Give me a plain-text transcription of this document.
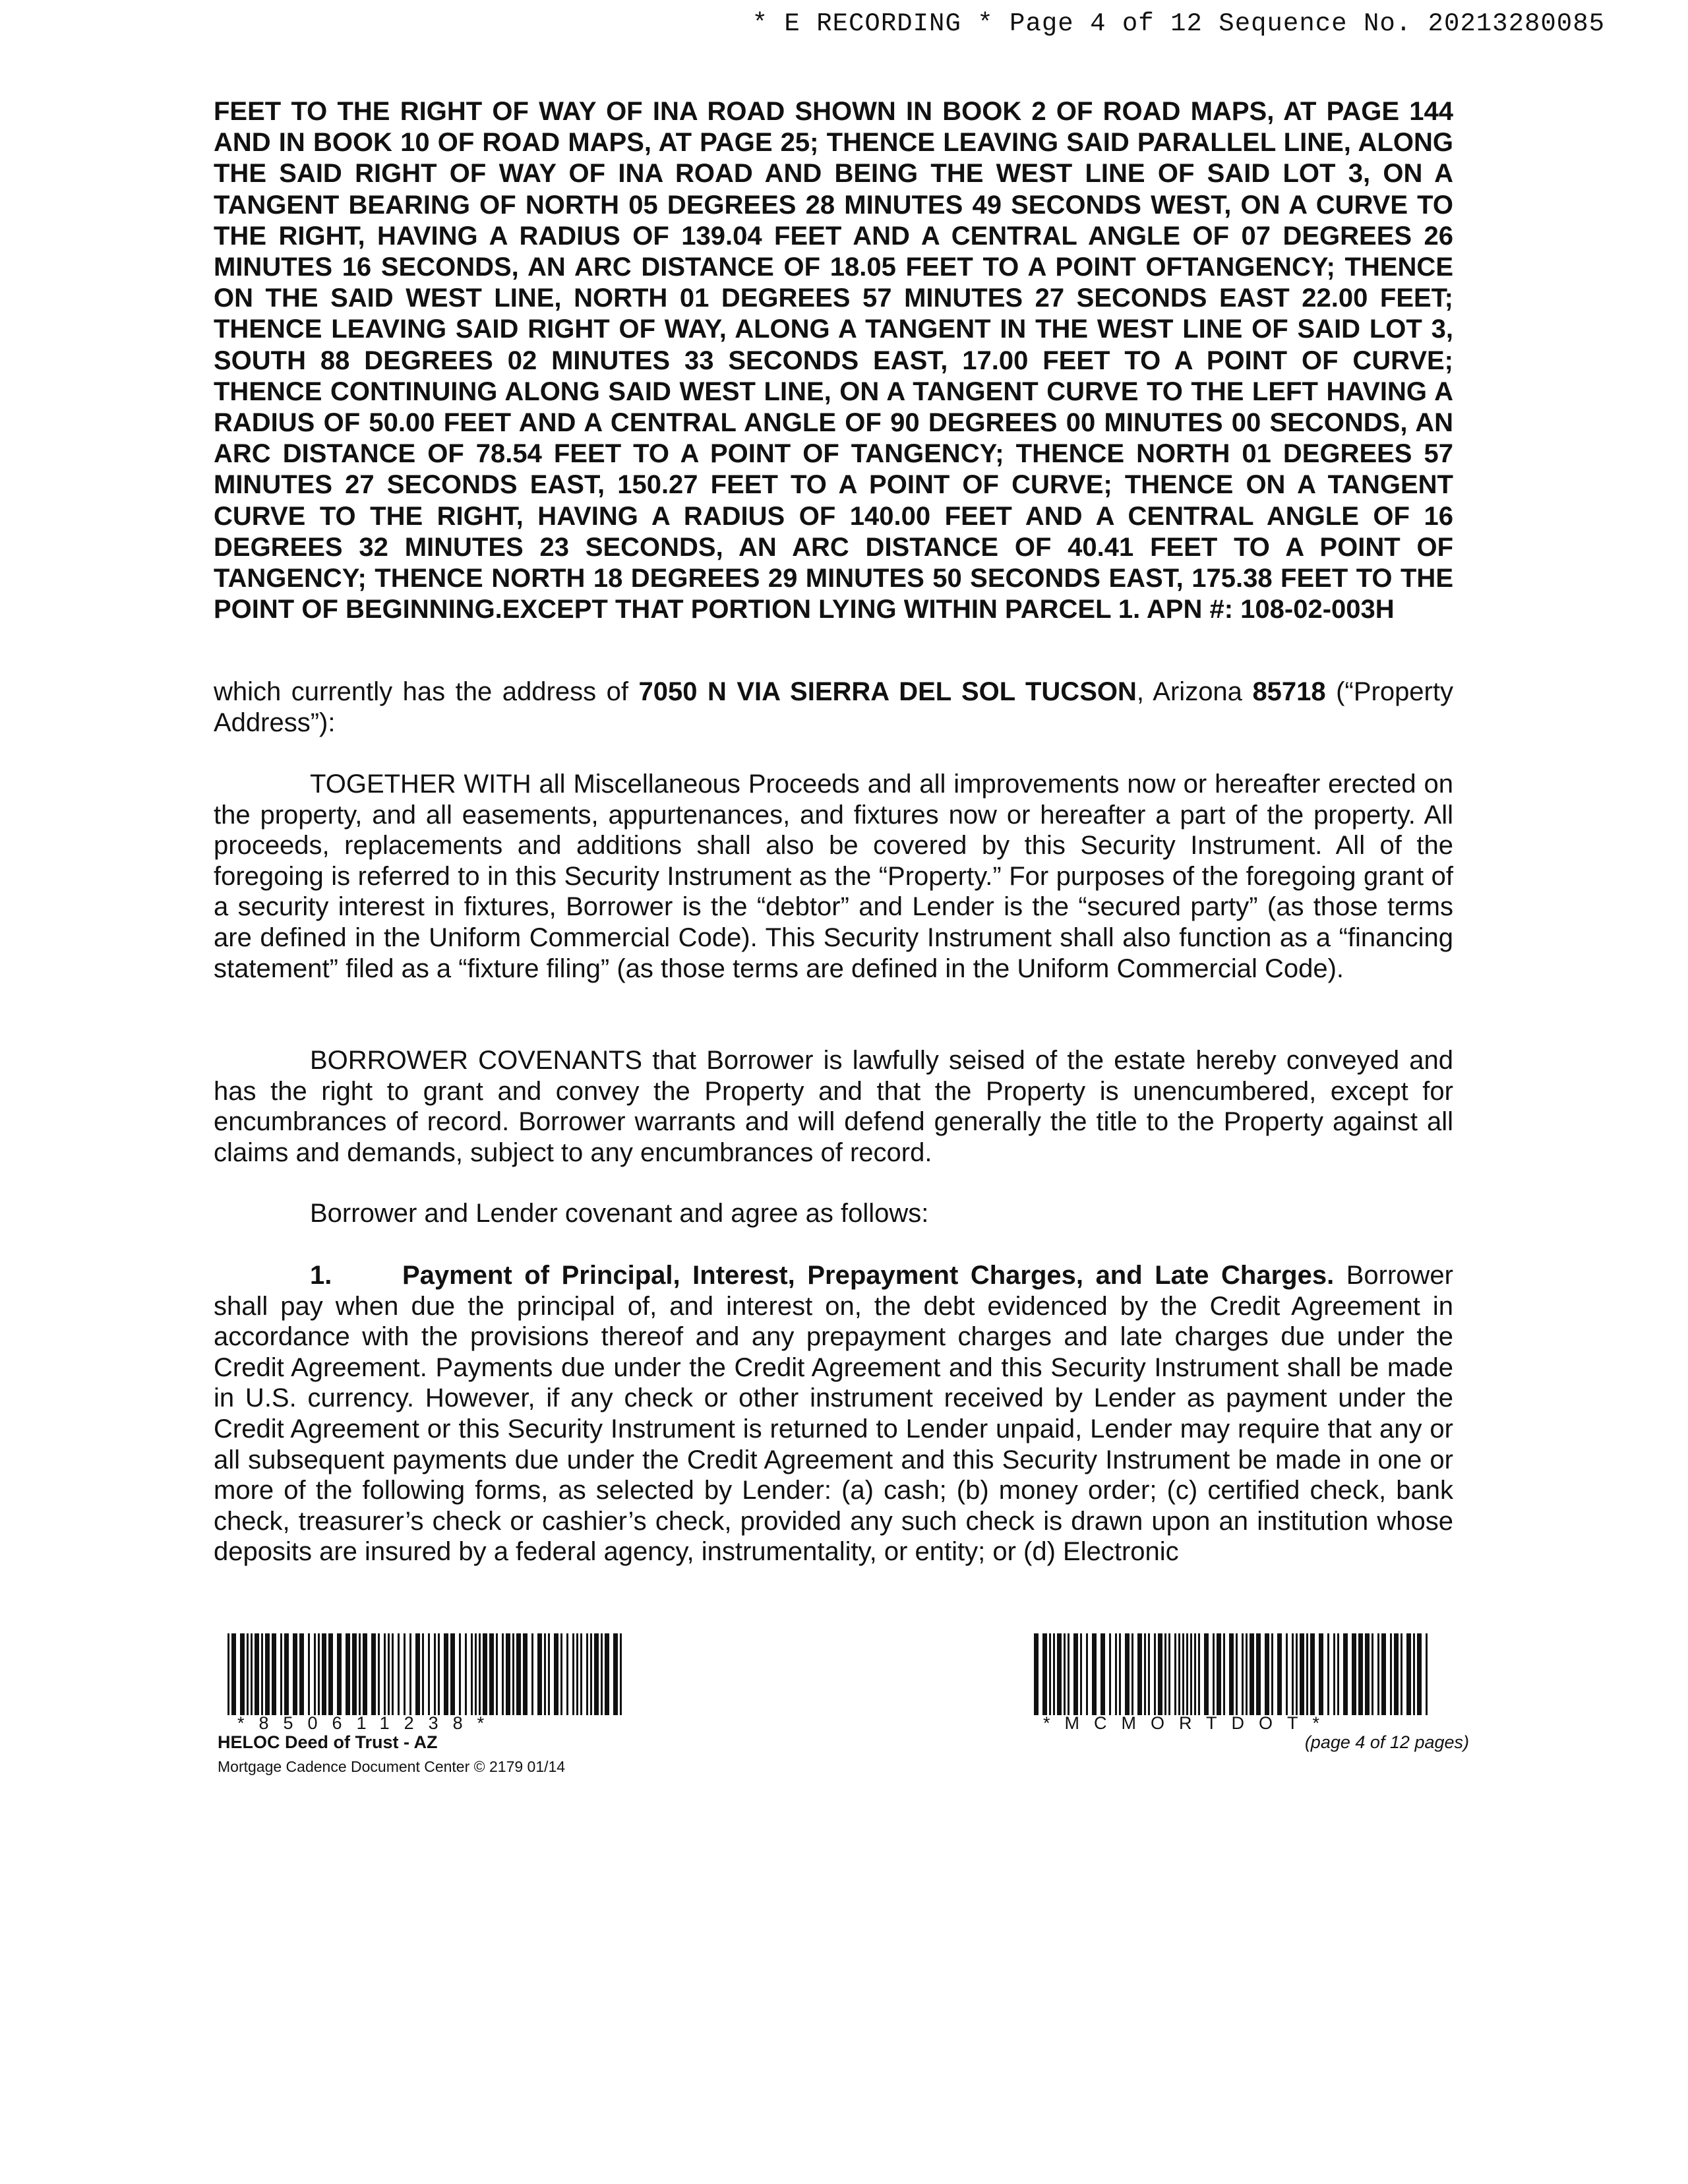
* E RECORDING * Page 4 of 12 Sequence No. 20213280085
FEET TO THE RIGHT OF WAY OF INA ROAD SHOWN IN BOOK 2 OF ROAD MAPS, AT PAGE 144 AND IN BOOK 10 OF ROAD MAPS, AT PAGE 25; THENCE LEAVING SAID PARALLEL LINE, ALONG THE SAID RIGHT OF WAY OF INA ROAD AND BEING THE WEST LINE OF SAID LOT 3, ON A TANGENT BEARING OF NORTH 05 DEGREES 28 MINUTES 49 SECONDS WEST, ON A CURVE TO THE RIGHT, HAVING A RADIUS OF 139.04 FEET AND A CENTRAL ANGLE OF 07 DEGREES 26 MINUTES 16 SECONDS, AN ARC DISTANCE OF 18.05 FEET TO A POINT OFTANGENCY; THENCE ON THE SAID WEST LINE, NORTH 01 DEGREES 57 MINUTES 27 SECONDS EAST 22.00 FEET; THENCE LEAVING SAID RIGHT OF WAY, ALONG A TANGENT IN THE WEST LINE OF SAID LOT 3, SOUTH 88 DEGREES 02 MINUTES 33 SECONDS EAST, 17.00 FEET TO A POINT OF CURVE; THENCE CONTINUING ALONG SAID WEST LINE, ON A TANGENT CURVE TO THE LEFT HAVING A RADIUS OF 50.00 FEET AND A CENTRAL ANGLE OF 90 DEGREES 00 MINUTES 00 SECONDS, AN ARC DISTANCE OF 78.54 FEET TO A POINT OF TANGENCY; THENCE NORTH 01 DEGREES 57 MINUTES 27 SECONDS EAST, 150.27 FEET TO A POINT OF CURVE; THENCE ON A TANGENT CURVE TO THE RIGHT, HAVING A RADIUS OF 140.00 FEET AND A CENTRAL ANGLE OF 16 DEGREES 32 MINUTES 23 SECONDS, AN ARC DISTANCE OF 40.41 FEET TO A POINT OF TANGENCY; THENCE NORTH 18 DEGREES 29 MINUTES 50 SECONDS EAST, 175.38 FEET TO THE POINT OF BEGINNING.EXCEPT THAT PORTION LYING WITHIN PARCEL 1. APN #: 108-02-003H

which currently has the address of 7050 N VIA SIERRA DEL SOL TUCSON, Arizona 85718 (“Property Address”):

TOGETHER WITH all Miscellaneous Proceeds and all improvements now or hereafter erected on the property, and all easements, appurtenances, and fixtures now or hereafter a part of the property. All proceeds, replacements and additions shall also be covered by this Security Instrument. All of the foregoing is referred to in this Security Instrument as the “Property.” For purposes of the foregoing grant of a security interest in fixtures, Borrower is the “debtor” and Lender is the “secured party” (as those terms are defined in the Uniform Commercial Code). This Security Instrument shall also function as a “financing statement” filed as a “fixture filing” (as those terms are defined in the Uniform Commercial Code).

BORROWER COVENANTS that Borrower is lawfully seised of the estate hereby conveyed and has the right to grant and convey the Property and that the Property is unencumbered, except for encumbrances of record. Borrower warrants and will defend generally the title to the Property against all claims and demands, subject to any encumbrances of record.

Borrower and Lender covenant and agree as follows:

1.	Payment of Principal, Interest, Prepayment Charges, and Late Charges. Borrower shall pay when due the principal of, and interest on, the debt evidenced by the Credit Agreement in accordance with the provisions thereof and any prepayment charges and late charges due under the Credit Agreement. Payments due under the Credit Agreement and this Security Instrument shall be made in U.S. currency. However, if any check or other instrument received by Lender as payment under the Credit Agreement or this Security Instrument is returned to Lender unpaid, Lender may require that any or all subsequent payments due under the Credit Agreement and this Security Instrument be made in one or more of the following forms, as selected by Lender: (a) cash; (b) money order; (c) certified check, bank check, treasurer’s check or cashier’s check, provided any such check is drawn upon an institution whose deposits are insured by a federal agency, instrumentality, or entity; or (d) Electronic

*850611238*
HELOC Deed of Trust - AZ
Mortgage Cadence Document Center © 2179 01/14
*MCMORTDOT*
(page 4 of 12 pages)
